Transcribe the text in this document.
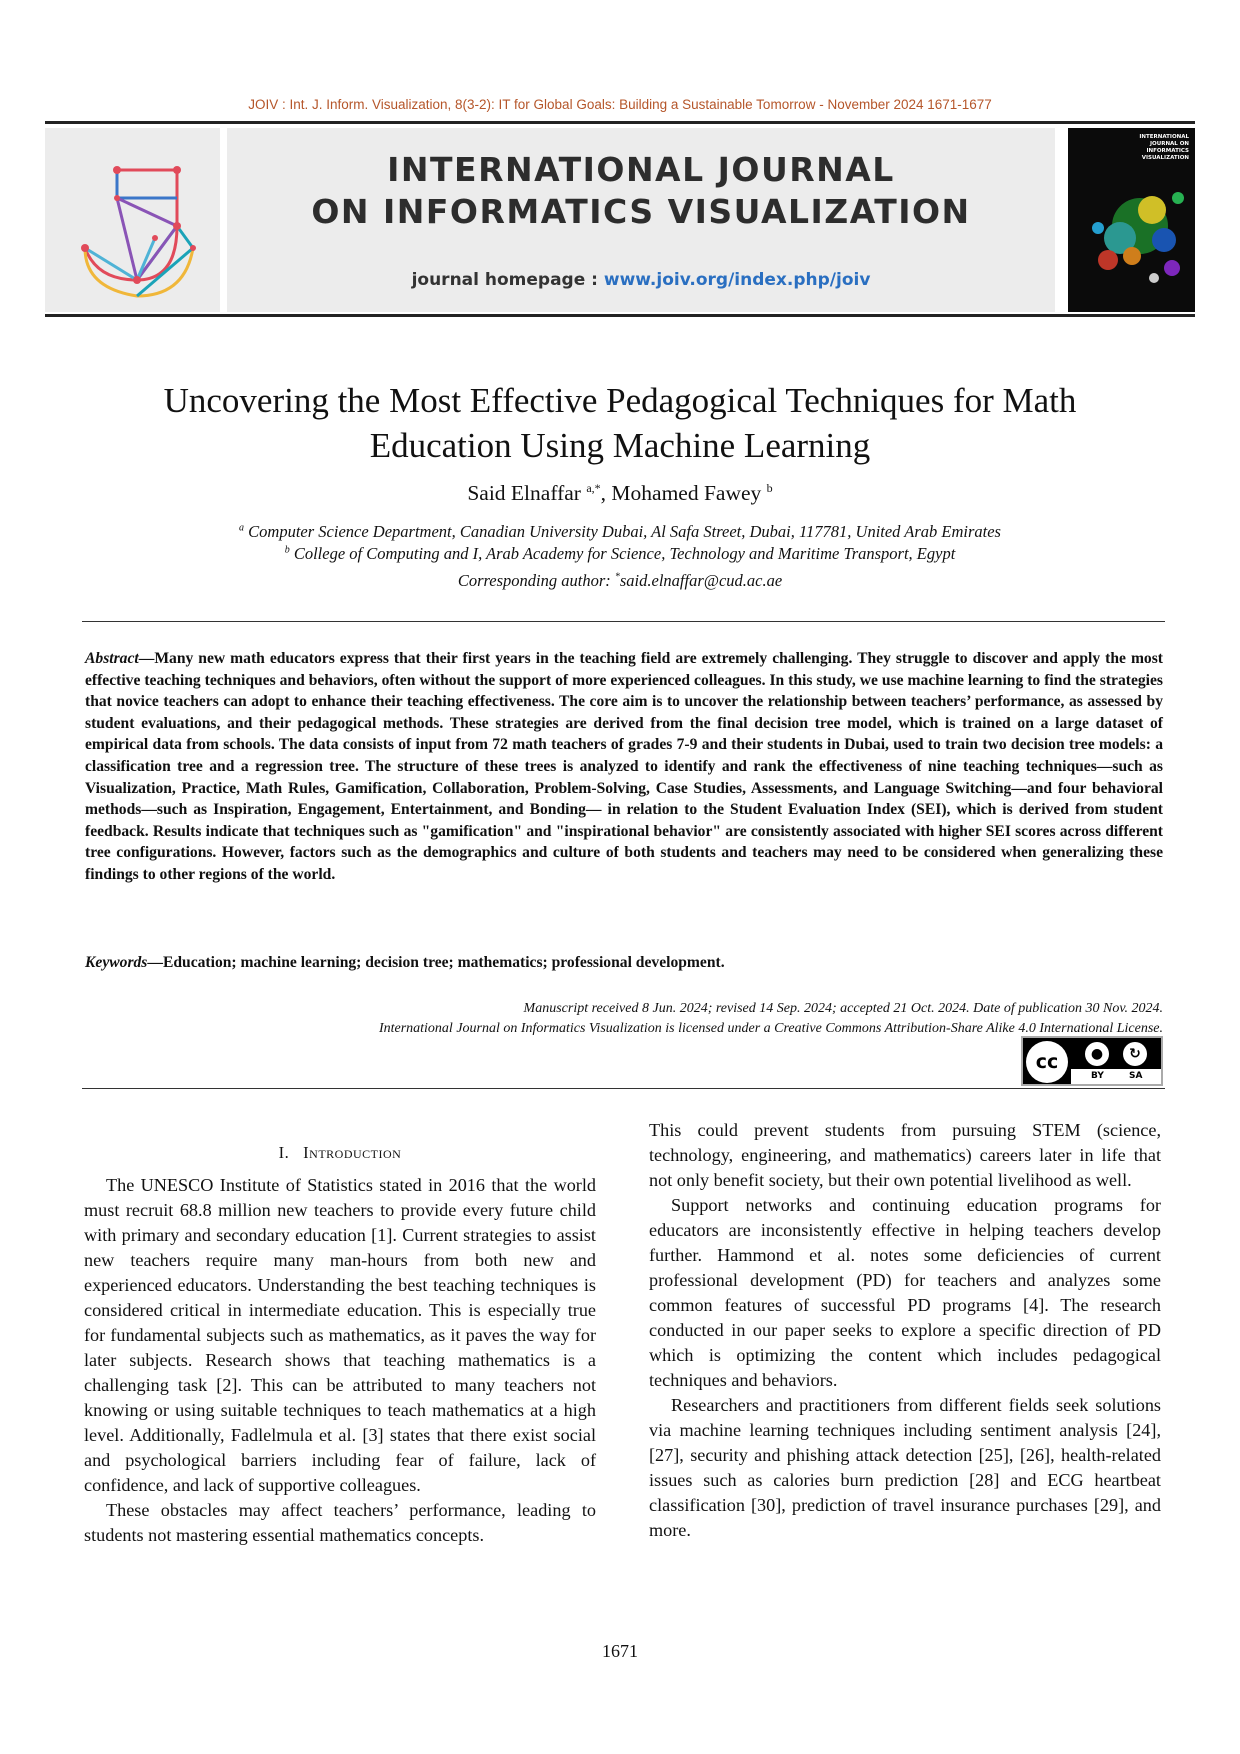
JOIV : Int. J. Inform. Visualization, 8(3-2): IT for Global Goals: Building a Sustainable Tomorrow - November 2024 1671-1677
INTERNATIONAL JOURNAL
ON INFORMATICS VISUALIZATION
journal homepage : www.joiv.org/index.php/joiv
INTERNATIONAL
JOURNAL ON
INFORMATICS
VISUALIZATION
Uncovering the Most Effective Pedagogical Techniques for Math
Education Using Machine Learning
Said Elnaffar $^{a,*}$, Mohamed Fawey $^b$
$^a$ Computer Science Department, Canadian University Dubai, Al Safa Street, Dubai, 117781, United Arab Emirates
$^b$ College of Computing and I, Arab Academy for Science, Technology and Maritime Transport, Egypt
Corresponding author: *said.elnaffar@cud.ac.ae
Abstract—Many new math educators express that their first years in the teaching field are extremely challenging. They struggle to discover and apply the most effective teaching techniques and behaviors, often without the support of more experienced colleagues. In this study, we use machine learning to find the strategies that novice teachers can adopt to enhance their teaching effectiveness. The core aim is to uncover the relationship between teachers’ performance, as assessed by student evaluations, and their pedagogical methods. These strategies are derived from the final decision tree model, which is trained on a large dataset of empirical data from schools. The data consists of input from 72 math teachers of grades 7-9 and their students in Dubai, used to train two decision tree models: a classification tree and a regression tree. The structure of these trees is analyzed to identify and rank the effectiveness of nine teaching techniques—such as Visualization, Practice, Math Rules, Gamification, Collaboration, Problem-Solving, Case Studies, Assessments, and Language Switching—and four behavioral methods—such as Inspiration, Engagement, Entertainment, and Bonding— in relation to the Student Evaluation Index (SEI), which is derived from student feedback. Results indicate that techniques such as "gamification" and "inspirational behavior" are consistently associated with higher SEI scores across different tree configurations. However, factors such as the demographics and culture of both students and teachers may need to be considered when generalizing these findings to other regions of the world.
Keywords—Education; machine learning; decision tree; mathematics; professional development.
Manuscript received 8 Jun. 2024; revised 14 Sep. 2024; accepted 21 Oct. 2024. Date of publication 30 Nov. 2024.
International Journal on Informatics Visualization is licensed under a Creative Commons Attribution-Share Alike 4.0 International License.
cc	●	↻
BY	SA
I. Introduction

The UNESCO Institute of Statistics stated in 2016 that the world must recruit 68.8 million new teachers to provide every future child with primary and secondary education [1]. Current strategies to assist new teachers require many man-hours from both new and experienced educators. Understanding the best teaching techniques is considered critical in intermediate education. This is especially true for fundamental subjects such as mathematics, as it paves the way for later subjects. Research shows that teaching mathematics is a challenging task [2]. This can be attributed to many teachers not knowing or using suitable techniques to teach mathematics at a high level. Additionally, Fadlelmula et al. [3] states that there exist social and psychological barriers including fear of failure, lack of confidence, and lack of supportive colleagues.

These obstacles may affect teachers’ performance, leading to students not mastering essential mathematics concepts.

This could prevent students from pursuing STEM (science, technology, engineering, and mathematics) careers later in life that not only benefit society, but their own potential livelihood as well.

Support networks and continuing education programs for educators are inconsistently effective in helping teachers develop further. Hammond et al. notes some deficiencies of current professional development (PD) for teachers and analyzes some common features of successful PD programs [4]. The research conducted in our paper seeks to explore a specific direction of PD which is optimizing the content which includes pedagogical techniques and behaviors.

Researchers and practitioners from different fields seek solutions via machine learning techniques including sentiment analysis [24], [27], security and phishing attack detection [25], [26], health-related issues such as calories burn prediction [28] and ECG heartbeat classification [30], prediction of travel insurance purchases [29], and more.

1671
